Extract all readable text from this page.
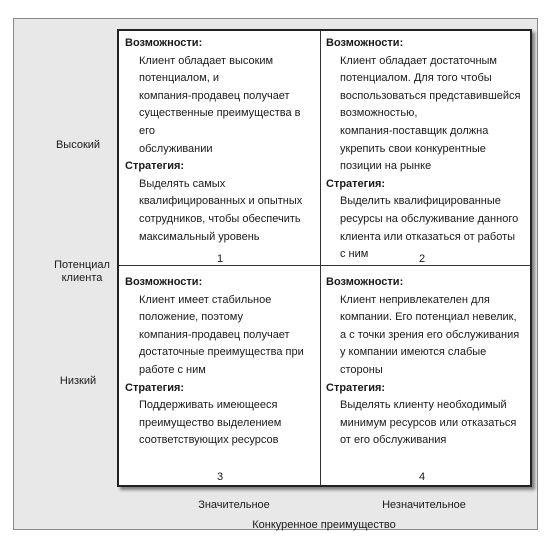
Возможности:

Клиент обладает высоким

потенциалом, и

компания-продавец получает

существенные преимущества в его

обслуживании

Стратегия:

Выделять самых

квалифицированных и опытных

сотрудников, чтобы обеспечить

максимальный уровень

Возможности:

Клиент обладает достаточным

потенциалом. Для того чтобы

воспользоваться представившейся

возможностью,

компания-поставщик должна

укрепить свои конкурентные

позиции на рынке

Стратегия:

Выделить квалифицированные

ресурсы на обслуживание данного

клиента или отказаться от работы

с ним

Возможности:

Клиент имеет стабильное

положение, поэтому

компания-продавец получает

достаточные преимущества при

работе с ним

Стратегия:

Поддерживать имеющееся

преимущество выделением

соответствующих ресурсов

Возможности:

Клиент непривлекателен для

компании. Его потенциал невелик,

а с точки зрения его обслуживания

у компании имеются слабые

стороны

Стратегия:

Выделять клиенту необходимый

минимум ресурсов или отказаться

от его обслуживания

1	2
3	4
Высокий
Потенциал
клиента
Низкий
Значительное	Незначительное
Конкуренное преимущество
